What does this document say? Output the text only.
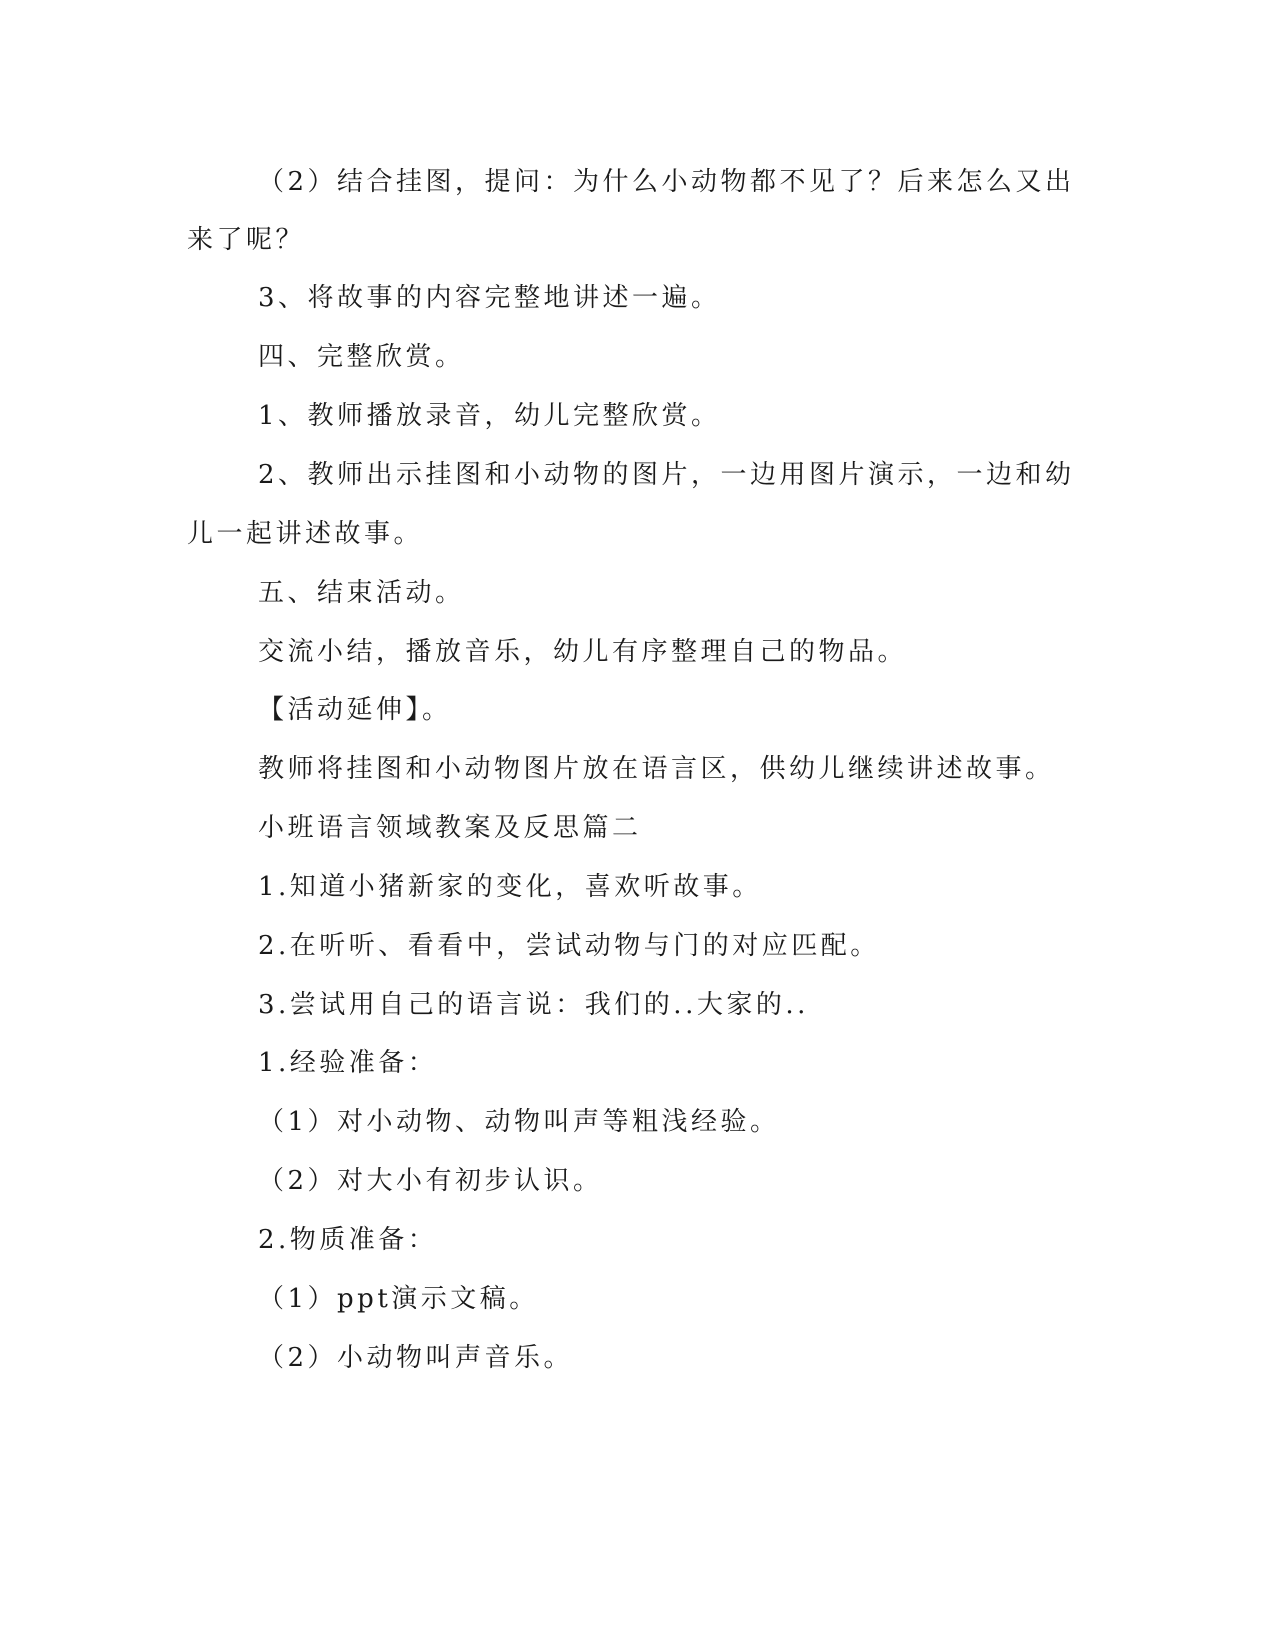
（2）结合挂图，提问：为什么小动物都不见了？后来怎么又出
来了呢？
3、将故事的内容完整地讲述一遍。
四、完整欣赏。
1、教师播放录音，幼儿完整欣赏。
2、教师出示挂图和小动物的图片，一边用图片演示，一边和幼
儿一起讲述故事。
五、结束活动。
交流小结，播放音乐，幼儿有序整理自己的物品。
【活动延伸】。
教师将挂图和小动物图片放在语言区，供幼儿继续讲述故事。
小班语言领域教案及反思篇二
1.知道小猪新家的变化，喜欢听故事。
2.在听听、看看中，尝试动物与门的对应匹配。
3.尝试用自己的语言说：我们的..大家的..
1.经验准备：
（1）对小动物、动物叫声等粗浅经验。
（2）对大小有初步认识。
2.物质准备：
（1）ppt演示文稿。
（2）小动物叫声音乐。
